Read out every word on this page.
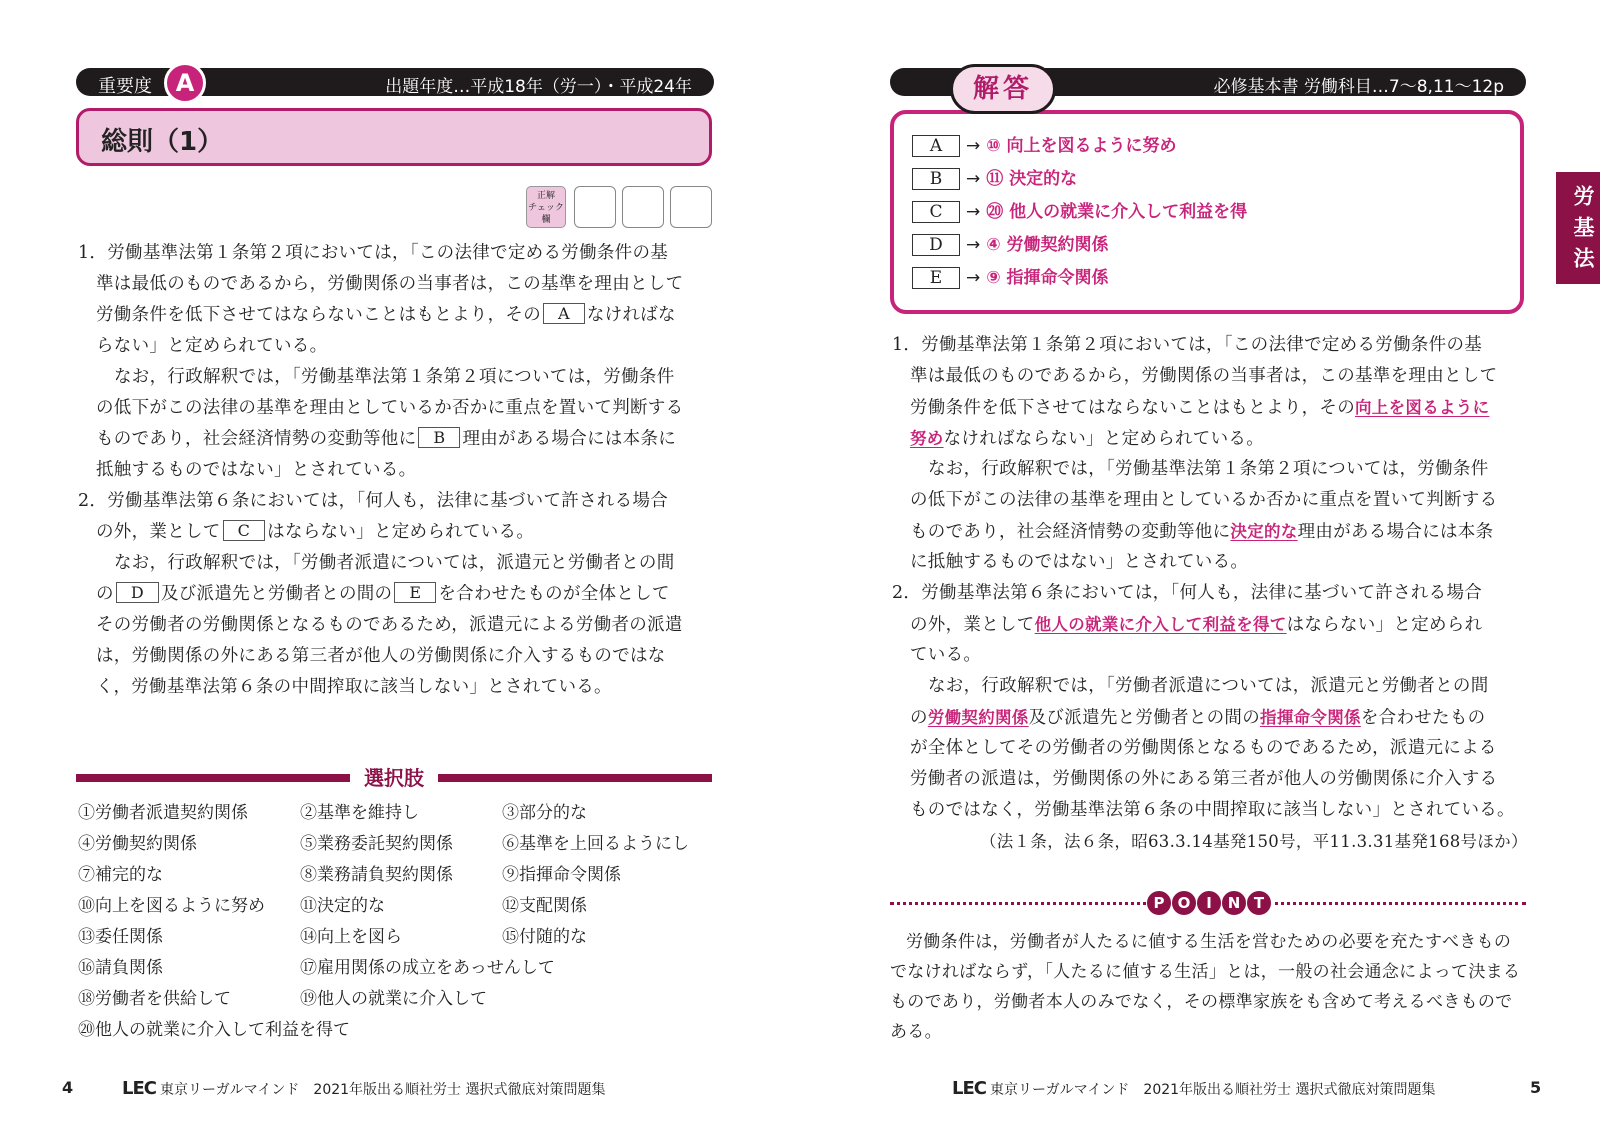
重要度 A	出題年度…平成18年（労一）・平成24年
総則（1）
正解
チェック
欄
1．労働基準法第１条第２項においては，「この法律で定める労働条件の基
準は最低のものであるから，労働関係の当事者は，この基準を理由として
労働条件を低下させてはならないことはもとより，その A なければな
らない」と定められている。
なお，行政解釈では，「労働基準法第１条第２項については，労働条件
の低下がこの法律の基準を理由としているか否かに重点を置いて判断する
ものであり，社会経済情勢の変動等他に B 理由がある場合には本条に
抵触するものではない」とされている。
2．労働基準法第６条においては，「何人も，法律に基づいて許される場合
の外，業として C はならない」と定められている。
なお，行政解釈では，「労働者派遣については，派遣元と労働者との間
の D 及び派遣先と労働者との間の E を合わせたものが全体として
その労働者の労働関係となるものであるため，派遣元による労働者の派遣
は，労働関係の外にある第三者が他人の労働関係に介入するものではな
く，労働基準法第６条の中間搾取に該当しない」とされている。
選択肢
①労働者派遣契約関係	②基準を維持し	③部分的な
④労働契約関係	⑤業務委託契約関係	⑥基準を上回るようにし
⑦補完的な	⑧業務請負契約関係	⑨指揮命令関係
⑩向上を図るように努め ⑪決定的な	⑫支配関係
⑬委任関係	⑭向上を図ら	⑮付随的な
⑯請負関係	⑰雇用関係の成立をあっせんして
⑱労働者を供給して	⑲他人の就業に介入して
⑳他人の就業に介入して利益を得て
4	LEC 東京リーガルマインド　2021年版出る順社労士 選択式徹底対策問題集
必修基本書 労働科目…7〜8,11〜12p
解答
A → ⑩ 向上を図るように努め
B → ⑪ 決定的な
C → ⑳ 他人の就業に介入して利益を得
D → ④ 労働契約関係
E → ⑨ 指揮命令関係
1．労働基準法第１条第２項においては，「この法律で定める労働条件の基
準は最低のものであるから，労働関係の当事者は，この基準を理由として
労働条件を低下させてはならないことはもとより，その向上を図るように
努めなければならない」と定められている。
なお，行政解釈では，「労働基準法第１条第２項については，労働条件
の低下がこの法律の基準を理由としているか否かに重点を置いて判断する
ものであり，社会経済情勢の変動等他に決定的な理由がある場合には本条
に抵触するものではない」とされている。
2．労働基準法第６条においては，「何人も，法律に基づいて許される場合
の外，業として他人の就業に介入して利益を得てはならない」と定められ
ている。
なお，行政解釈では，「労働者派遣については，派遣元と労働者との間
の労働契約関係及び派遣先と労働者との間の指揮命令関係を合わせたもの
が全体としてその労働者の労働関係となるものであるため，派遣元による
労働者の派遣は，労働関係の外にある第三者が他人の労働関係に介入する
ものではなく，労働基準法第６条の中間搾取に該当しない」とされている。
（法１条，法６条，昭63.3.14基発150号，平11.3.31基発168号ほか）
P O I N T
労働条件は，労働者が人たるに値する生活を営むための必要を充たすべきもの
でなければならず，「人たるに値する生活」とは，一般の社会通念によって決まる
ものであり，労働者本人のみでなく，その標準家族をも含めて考えるべきもので
ある。
LEC 東京リーガルマインド　2021年版出る順社労士 選択式徹底対策問題集	5
労基法
